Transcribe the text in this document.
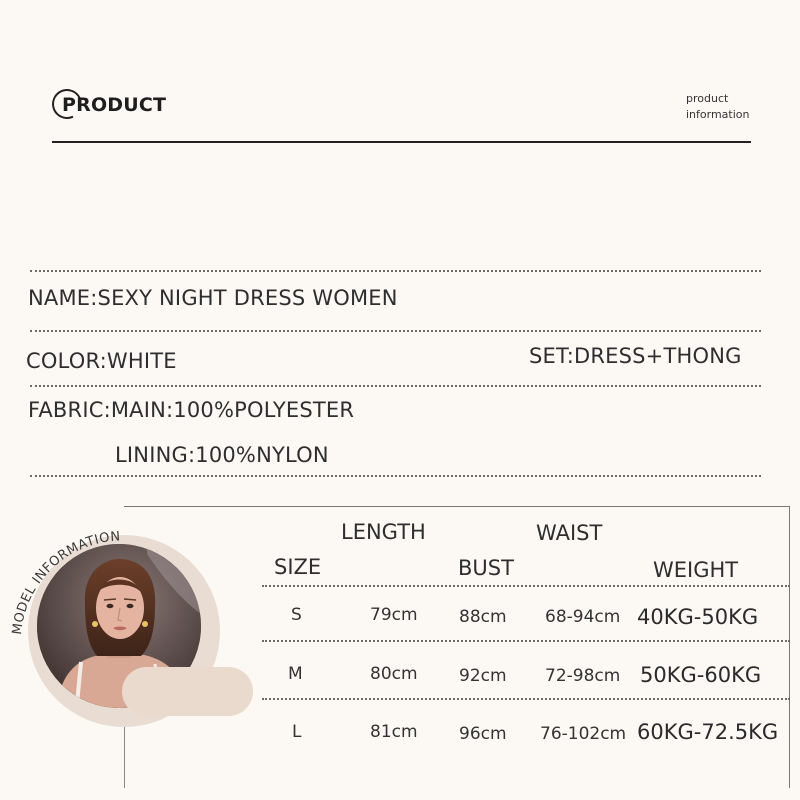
PRODUCT	product
information
NAME:SEXY NIGHT DRESS WOMEN
COLOR:WHITE	SET:DRESS+THONG
FABRIC:MAIN:100%POLYESTER
LINING:100%NYLON
LENGTH	WAIST
SIZE	BUST	WEIGHT
S	79cm 88cm 68-94cm 40KG-50KG
M	80cm 92cm 72-98cm 50KG-60KG
L	81cm 96cm 76-102cm 60KG-72.5KG
MODEL INFORMATION
